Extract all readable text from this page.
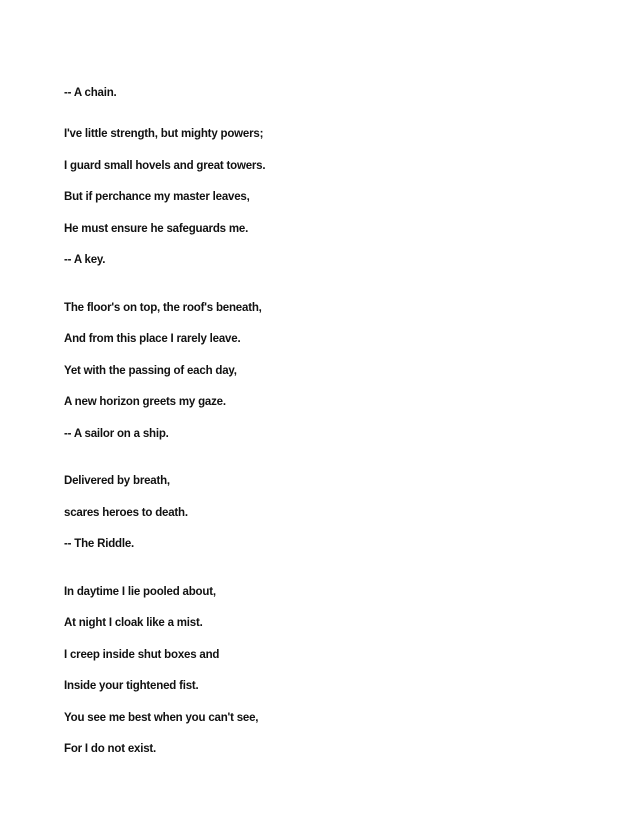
-- A chain.
I've little strength, but mighty powers;
I guard small hovels and great towers.
But if perchance my master leaves,
He must ensure he safeguards me.
-- A key.
The floor's on top, the roof's beneath,
And from this place I rarely leave.
Yet with the passing of each day,
A new horizon greets my gaze.
-- A sailor on a ship.
Delivered by breath,
scares heroes to death.
-- The Riddle.
In daytime I lie pooled about,
At night I cloak like a mist.
I creep inside shut boxes and
Inside your tightened fist.
You see me best when you can't see,
For I do not exist.
